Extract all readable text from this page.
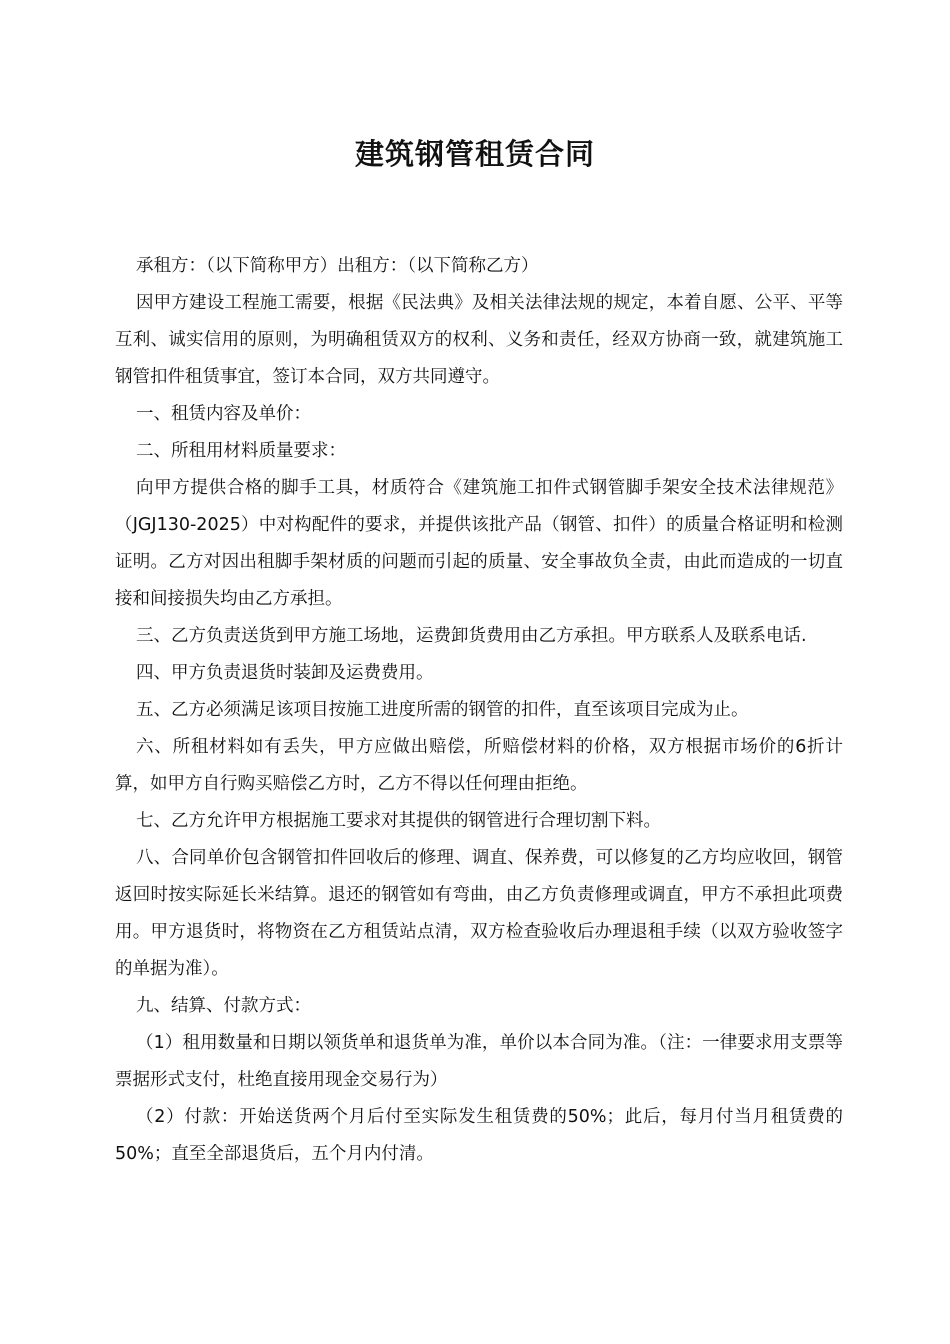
建筑钢管租赁合同

承租方：（以下简称甲方）出租方：（以下简称乙方）

因甲方建设工程施工需要，根据《民法典》及相关法律法规的规定，本着自愿、公平、平等互利、诚实信用的原则，为明确租赁双方的权利、义务和责任，经双方协商一致，就建筑施工钢管扣件租赁事宜，签订本合同，双方共同遵守。

一、租赁内容及单价：

二、所租用材料质量要求：

向甲方提供合格的脚手工具，材质符合《建筑施工扣件式钢管脚手架安全技术法律规范》（JGJ130-2025）中对构配件的要求，并提供该批产品（钢管、扣件）的质量合格证明和检测证明。乙方对因出租脚手架材质的问题而引起的质量、安全事故负全责，由此而造成的一切直接和间接损失均由乙方承担。

三、乙方负责送货到甲方施工场地，运费卸货费用由乙方承担。甲方联系人及联系电话.

四、甲方负责退货时装卸及运费费用。

五、乙方必须满足该项目按施工进度所需的钢管的扣件，直至该项目完成为止。

六、所租材料如有丢失，甲方应做出赔偿，所赔偿材料的价格，双方根据市场价的6折计算，如甲方自行购买赔偿乙方时，乙方不得以任何理由拒绝。

七、乙方允许甲方根据施工要求对其提供的钢管进行合理切割下料。

八、合同单价包含钢管扣件回收后的修理、调直、保养费，可以修复的乙方均应收回，钢管返回时按实际延长米结算。退还的钢管如有弯曲，由乙方负责修理或调直，甲方不承担此项费用。甲方退货时，将物资在乙方租赁站点清，双方检查验收后办理退租手续（以双方验收签字的单据为准）。

九、结算、付款方式：

（1）租用数量和日期以领货单和退货单为准，单价以本合同为准。（注：一律要求用支票等票据形式支付，杜绝直接用现金交易行为）

（2）付款：开始送货两个月后付至实际发生租赁费的50%；此后，每月付当月租赁费的50%；直至全部退货后，五个月内付清。
